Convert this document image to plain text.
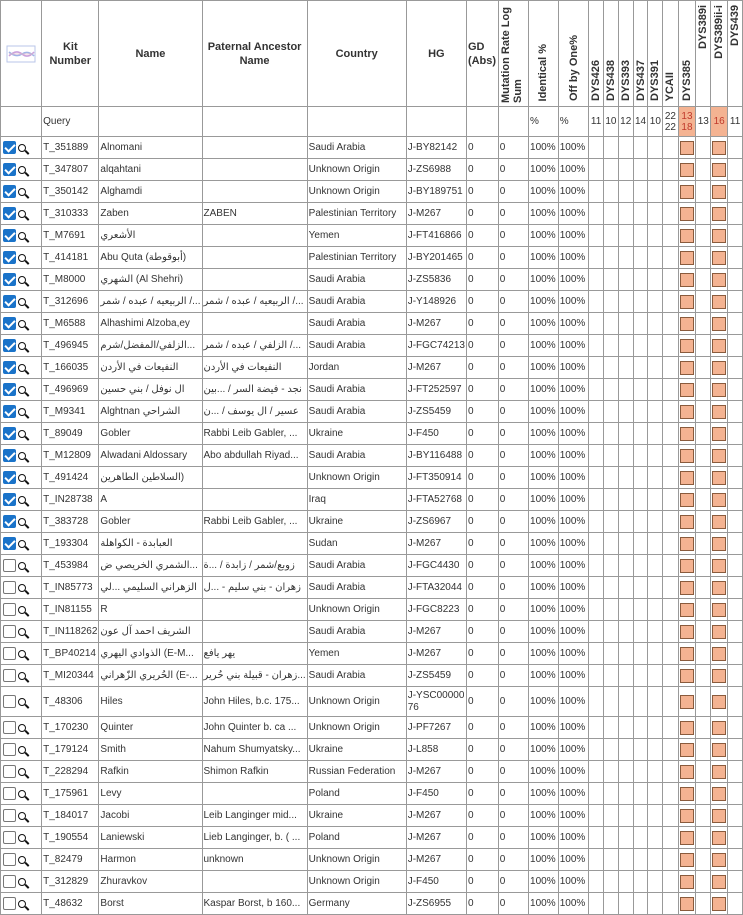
	Kit Number	Name	Paternal Ancestor Name	Country	HG	GD (Abs)	Mutation Rate Log Sum	Identical %	Off by One%	DYS426	DYS438	DYS393	DYS437	DYS391	YCAII	DYS385	DYS389i	DYS389ii-i	DYS439
	Query							%	%	11	10	12	14	10	22 22	13 18	13	16	11
	T_351889	Alnomani		Saudi Arabia	J-BY82142	0	0	100%	100%										
	T_347807	alqahtani		Unknown Origin	J-ZS6988	0	0	100%	100%										
	T_350142	Alghamdi		Unknown Origin	J-BY189751	0	0	100%	100%										
	T_310333	Zaben	ZABEN	Palestinian Territory	J-M267	0	0	100%	100%										
	T_M7691	الأشعري		Yemen	J-FT416866	0	0	100%	100%										
	T_414181	Abu Quta (أبوقوطة)		Palestinian Territory	J-BY201465	0	0	100%	100%										
	T_M8000	الشهري (Al Shehri)		Saudi Arabia	J-ZS5836	0	0	100%	100%										
	T_312696	الربيعيه / عبده / شمر /...	الربيعيه / عبده / شمر /...	Saudi Arabia	J-Y148926	0	0	100%	100%										
	T_M6588	Alhashimi Alzoba,ey		Saudi Arabia	J-M267	0	0	100%	100%										
	T_496945	الزلفي/المفضل/شرم...	الزلفي / عبده / شمر /...	Saudi Arabia	J-FGC74213	0	0	100%	100%										
	T_166035	النفيعات في الأردن	النفيعات في الأردن	Jordan	J-M267	0	0	100%	100%										
	T_496969	ال نوفل / بني حسين	نجد - فيضة السر / ...بين	Saudi Arabia	J-FT252597	0	0	100%	100%										
	T_M9341	Alghtnan الشراحي	عسير / ال يوسف / ...ن	Saudi Arabia	J-ZS5459	0	0	100%	100%										
	T_89049	Gobler	Rabbi Leib Gabler, ...	Ukraine	J-F450	0	0	100%	100%										
	T_M12809	Alwadani Aldossary	Abo abdullah Riyad...	Saudi Arabia	J-BY116488	0	0	100%	100%										
	T_491424	السلاطين الطاهرين)		Unknown Origin	J-FT350914	0	0	100%	100%										
	T_IN28738	A		Iraq	J-FTA52768	0	0	100%	100%										
	T_383728	Gobler	Rabbi Leib Gabler, ...	Ukraine	J-ZS6967	0	0	100%	100%										
	T_193304	العبابدة - الكواهلة		Sudan	J-M267	0	0	100%	100%										
	T_453984	الشمري الخريصي ض...	زوبع/شمر / زابدة / ...ة	Saudi Arabia	J-FGC4430	0	0	100%	100%										
	T_IN85773	الزهراني السليمي ...لي	زهران - بني سليم - ...ل	Saudi Arabia	J-FTA32044	0	0	100%	100%										
	T_IN81155	R		Unknown Origin	J-FGC8223	0	0	100%	100%										
	T_IN118262	الشريف احمد آل عون		Saudi Arabia	J-M267	0	0	100%	100%										
	T_BP40214	الذوادي اليهري (E-M...	يهر يافع	Yemen	J-M267	0	0	100%	100%										
	T_MI20344	الحُريري الزّهراني (E-...	زهران - قبيلة بني حُرير...	Saudi Arabia	J-ZS5459	0	0	100%	100%										
	T_48306	Hiles	John Hiles, b.c. 175...	Unknown Origin	J-YSC0000076	0	0	100%	100%										
	T_170230	Quinter	John Quinter b. ca ...	Unknown Origin	J-PF7267	0	0	100%	100%										
	T_179124	Smith	Nahum Shumyatsky...	Ukraine	J-L858	0	0	100%	100%										
	T_228294	Rafkin	Shimon Rafkin	Russian Federation	J-M267	0	0	100%	100%										
	T_175961	Levy		Poland	J-F450	0	0	100%	100%										
	T_184017	Jacobi	Leib Langinger mid...	Ukraine	J-M267	0	0	100%	100%										
	T_190554	Laniewski	Lieb Langinger, b. ( ...	Poland	J-M267	0	0	100%	100%										
	T_82479	Harmon	unknown	Unknown Origin	J-M267	0	0	100%	100%										
	T_312829	Zhuravkov		Unknown Origin	J-F450	0	0	100%	100%										
	T_48632	Borst	Kaspar Borst, b 160...	Germany	J-ZS6955	0	0	100%	100%										
